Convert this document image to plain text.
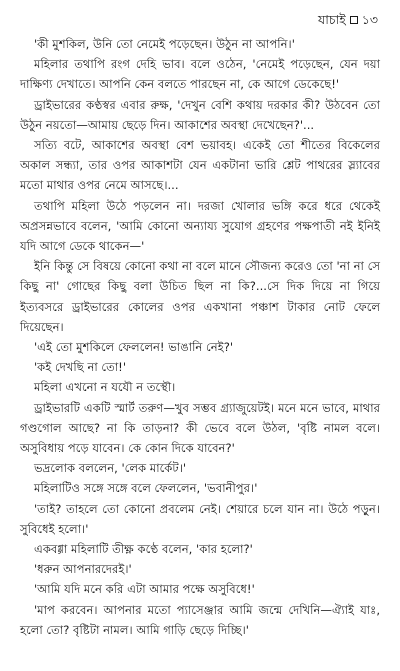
যাচাই ১৩

'কী মুশকিল, উনি তো নেমেই পড়েছেন। উঠুন না আপনি।'

মহিলার তথাপি রংগ দেহি ভাব। বলে ওঠেন, 'নেমেই পড়েছেন, যেন দয়া দাক্ষিণ্য দেখাতে। আপনি কেন বলতে পারছেন না, কে আগে ডেকেছে!'

ড্রাইভারের কণ্ঠস্বর এবার রুক্ষ, 'দেখুন বেশি কথায় দরকার কী? উঠবেন তো উঠুন নয়তো—আমায় ছেড়ে দিন। আকাশের অবস্থা দেখেছেন?'...

সত্যি বটে, আকাশের অবস্থা বেশ ভয়াবহ। একেই তো শীতের বিকেলের অকাল সন্ধ্যা, তার ওপর আকাশটা যেন একটানা ভারি শ্লেট পাথরের স্ল্যাবের মতো মাথার ওপর নেমে আসছে।...

তথাপি মহিলা উঠে পড়লেন না। দরজা খোলার ভঙ্গি করে ধরে থেকেই অপ্রসন্নভাবে বলেন, 'আমি কোনো অন্যায্য সুযোগ গ্রহণের পক্ষপাতী নই ইনিই যদি আগে ডেকে থাকেন—'

ইনি কিন্তু সে বিষয়ে কোনো কথা না বলে মানে সৌজন্য করেও তো 'না না সে কিছু না' গোছের কিছু বলা উচিত ছিল না কি?...সে দিক দিয়ে না গিয়ে ইত্যবসরে ড্রাইভারের কোলের ওপর একখানা পঞ্চাশ টাকার নোট ফেলে দিয়েছেন।

'এই তো মুশকিলে ফেললেন! ভাঙানি নেই?'

'কই দেখছি না তো!'

মহিলা এখনো ন যযৌ ন তস্থৌ।

ড্রাইভারটি একটি স্মার্ট তরুণ—খুব সম্ভব গ্র্যাজুয়েটই। মনে মনে ভাবে, মাথার গণ্ডগোল আছে? না কি তাড়না? কী ভেবে বলে উঠল, 'বৃষ্টি নামল বলে। অসুবিধায় পড়ে যাবেন। কে কোন দিকে যাবেন?'

ভদ্রলোক বললেন, 'লেক মার্কেট।'

মহিলাটিও সঙ্গে সঙ্গে বলে ফেললেন, 'ভবানীপুর।'

'তাই? তাহলে তো কোনো প্রবলেম নেই। শেয়ারে চলে যান না। উঠে পড়ুন। সুবিধেই হলো।'

একবগ্গা মহিলাটি তীক্ষ্ণ কণ্ঠে বলেন, 'কার হলো?'

'ধরুন আপনারদেরই।'

'আমি যদি মনে করি এটা আমার পক্ষে অসুবিধে!'

'মাপ করবেন। আপনার মতো প্যাসেঞ্জার আমি জন্মে দেখিনি—ঐ্যাই যাঃ, হলো তো? বৃষ্টিটা নামল। আমি গাড়ি ছেড়ে দিচ্ছি।'
